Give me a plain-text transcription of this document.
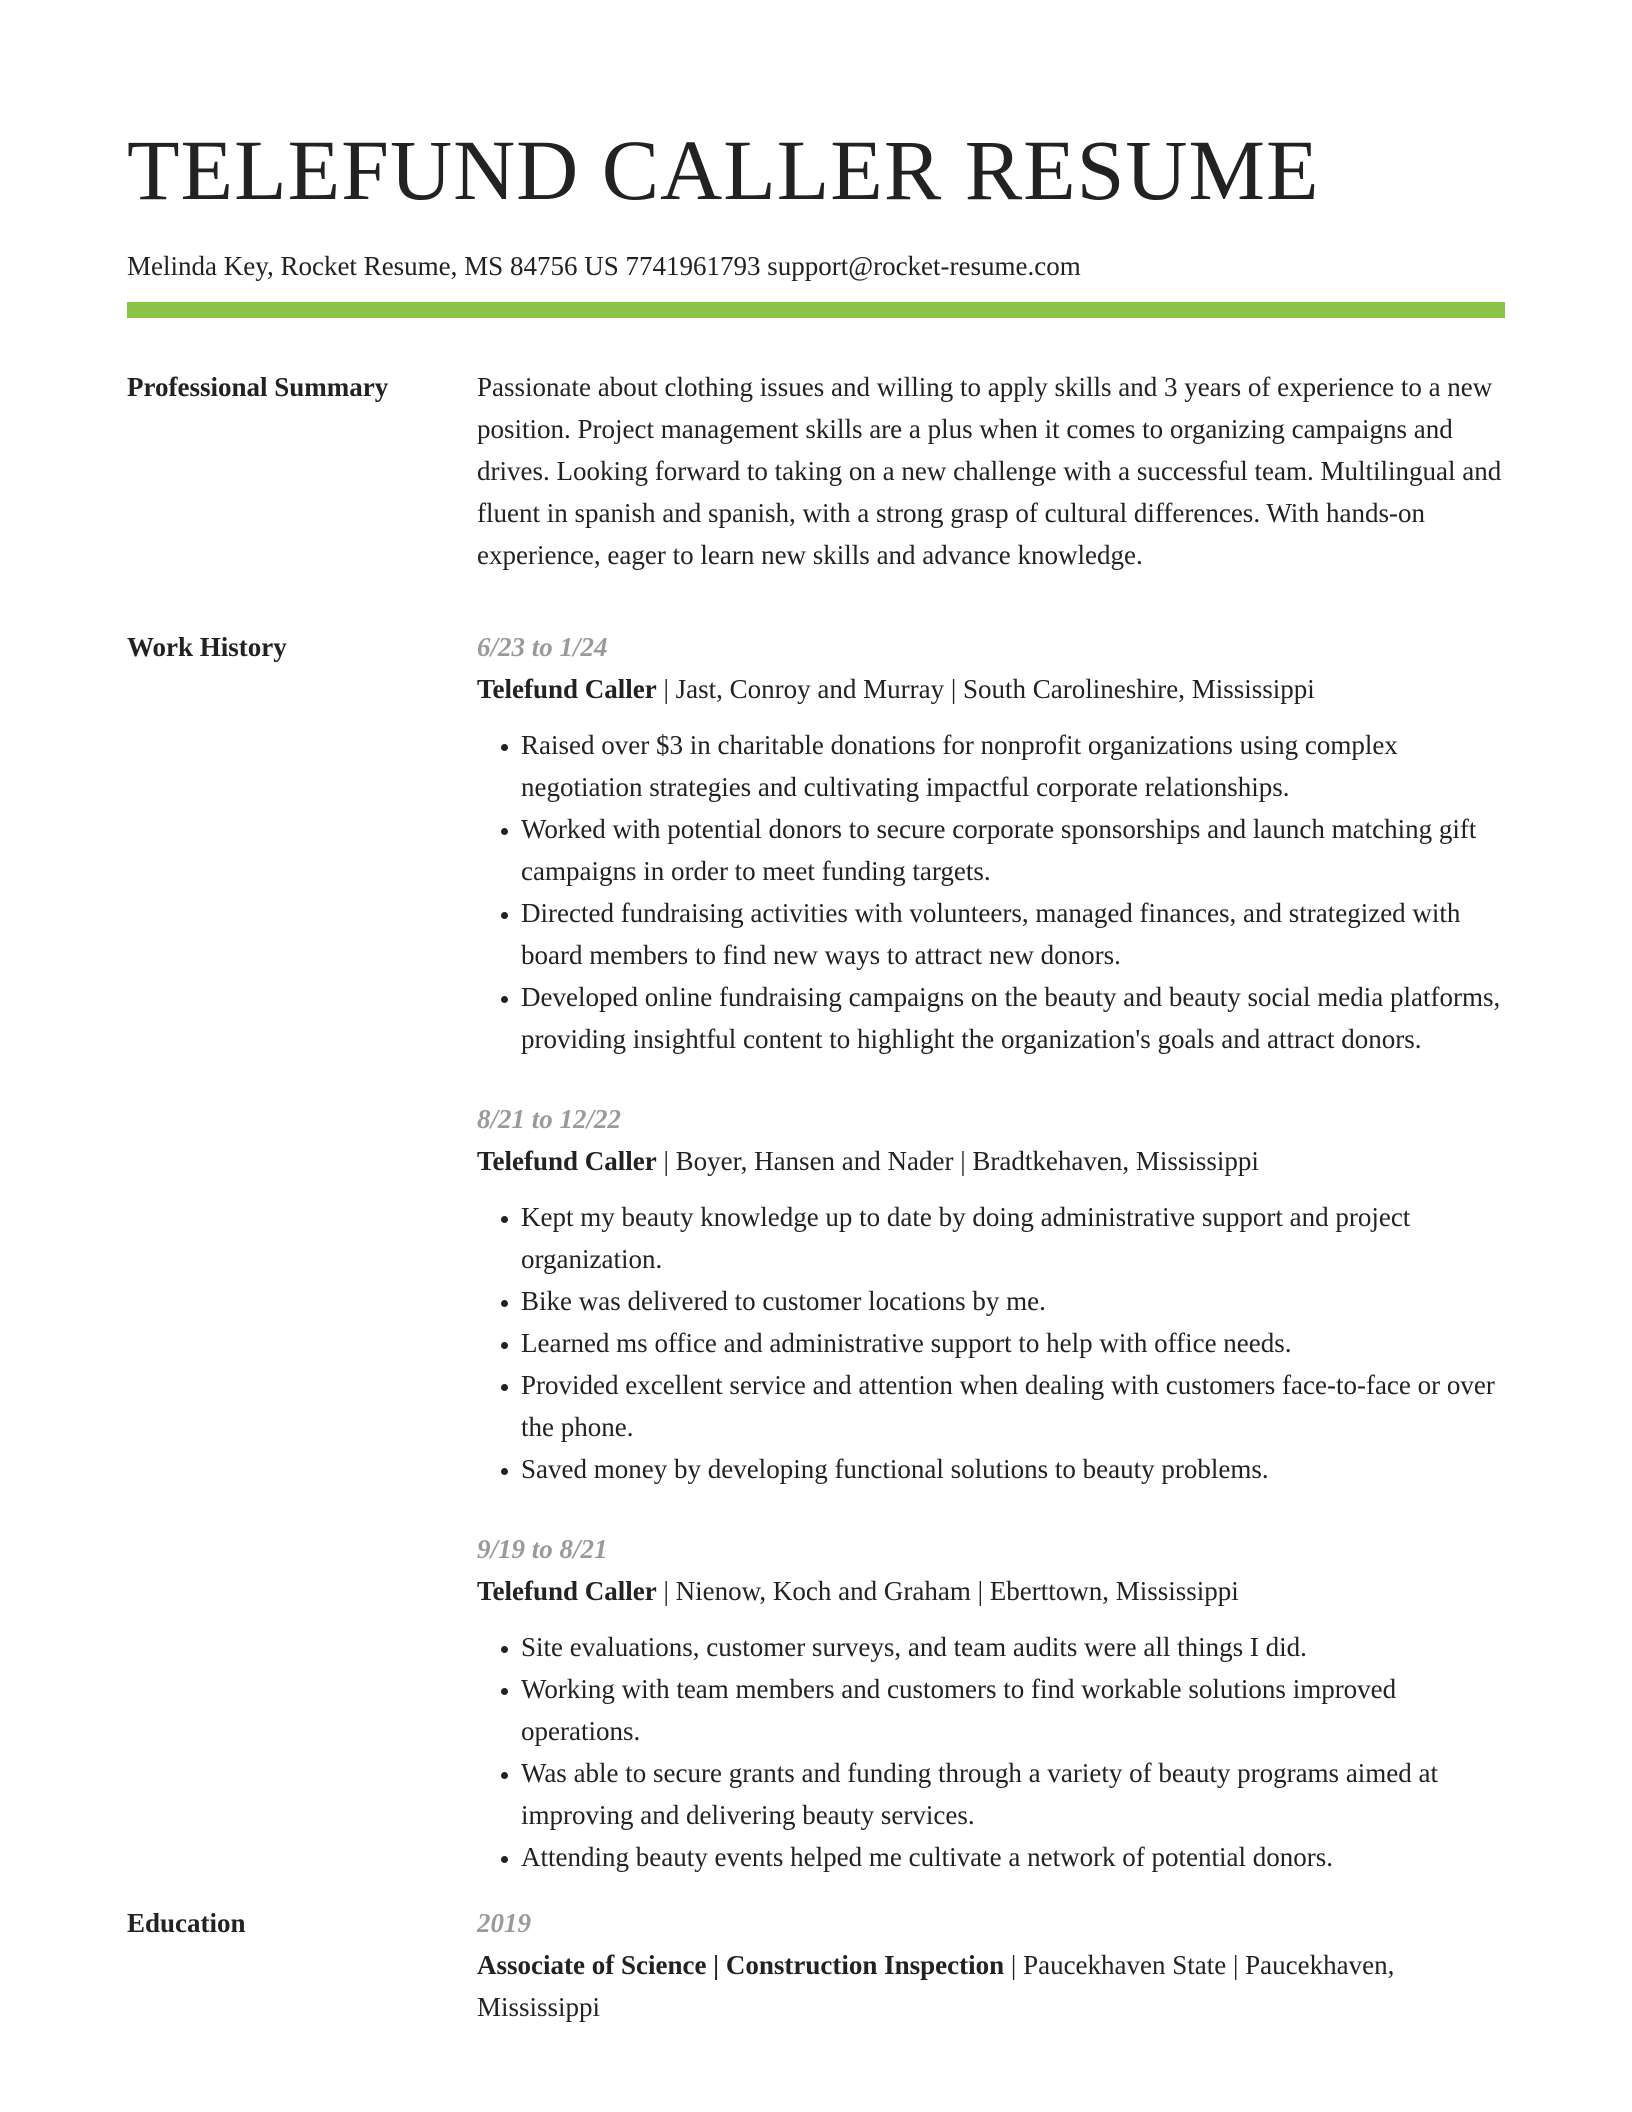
TELEFUND CALLER RESUME
Melinda Key, Rocket Resume, MS 84756 US 7741961793 support@rocket-resume.com
Professional Summary	Passionate about clothing issues and willing to apply skills and 3 years of experience to a new position. Project management skills are a plus when it comes to organizing campaigns and drives. Looking forward to taking on a new challenge with a successful team. Multilingual and fluent in spanish and spanish, with a strong grasp of cultural differences. With hands-on experience, eager to learn new skills and advance knowledge.

Work History	6/23 to 1/24
Telefund Caller | Jast, Conroy and Murray | South Carolineshire, Mississippi
• Raised over $3 in charitable donations for nonprofit organizations using complex negotiation strategies and cultivating impactful corporate relationships.
• Worked with potential donors to secure corporate sponsorships and launch matching gift campaigns in order to meet funding targets.
• Directed fundraising activities with volunteers, managed finances, and strategized with board members to find new ways to attract new donors.
• Developed online fundraising campaigns on the beauty and beauty social media platforms, providing insightful content to highlight the organization's goals and attract donors.
8/21 to 12/22
Telefund Caller | Boyer, Hansen and Nader | Bradtkehaven, Mississippi
• Kept my beauty knowledge up to date by doing administrative support and project organization.
• Bike was delivered to customer locations by me.
• Learned ms office and administrative support to help with office needs.
• Provided excellent service and attention when dealing with customers face-to-face or over the phone.
• Saved money by developing functional solutions to beauty problems.
9/19 to 8/21
Telefund Caller | Nienow, Koch and Graham | Eberttown, Mississippi
• Site evaluations, customer surveys, and team audits were all things I did.
• Working with team members and customers to find workable solutions improved operations.
• Was able to secure grants and funding through a variety of beauty programs aimed at improving and delivering beauty services.
• Attending beauty events helped me cultivate a network of potential donors.
Education	2019
Associate of Science | Construction Inspection | Paucekhaven State | Paucekhaven, Mississippi
